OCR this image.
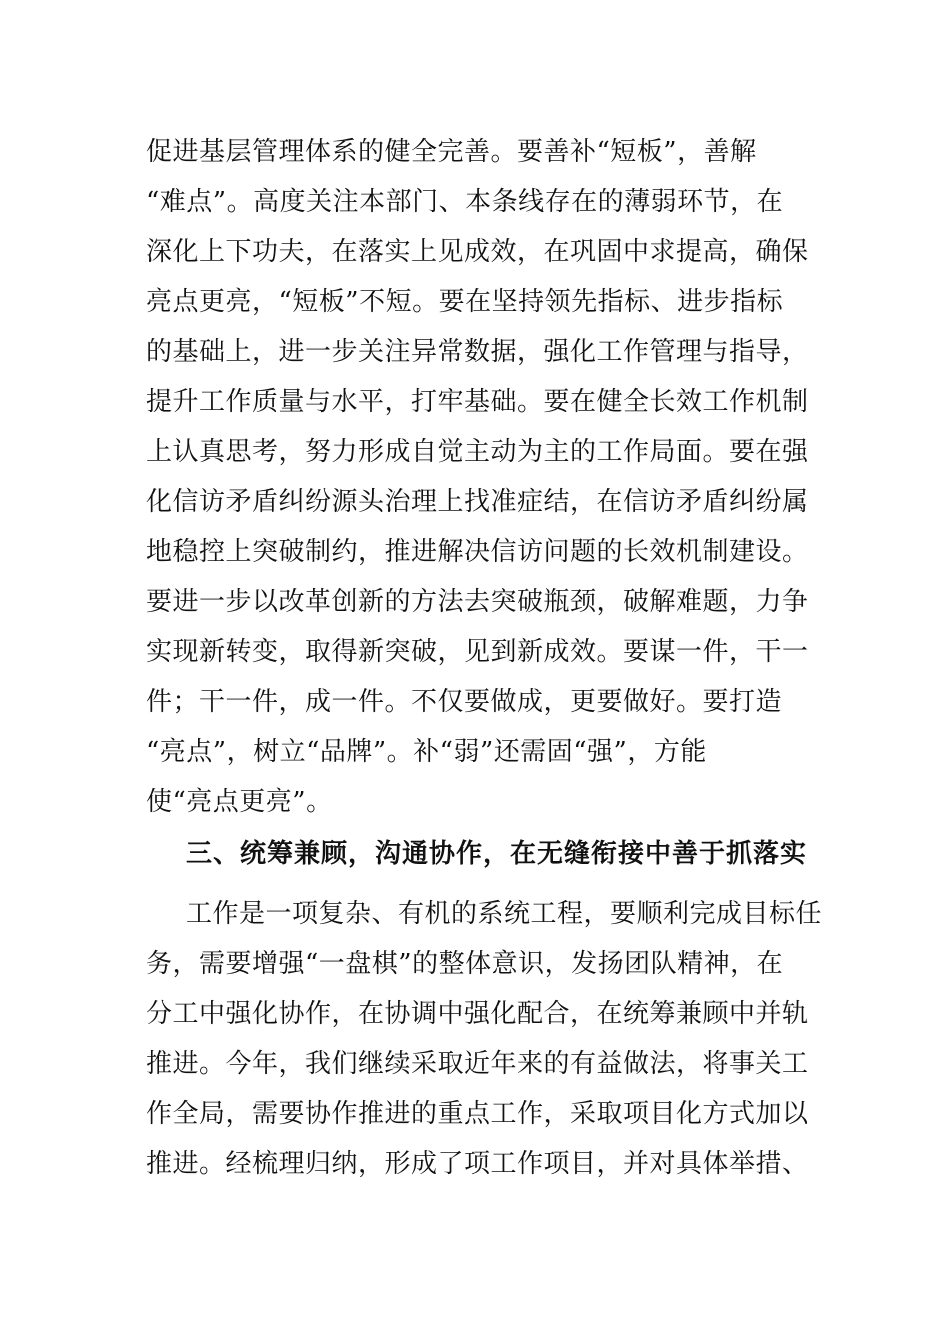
促进基层管理体系的健全完善。要善补“短板”，善解
“难点”。高度关注本部门、本条线存在的薄弱环节，在
深化上下功夫，在落实上见成效，在巩固中求提高，确保
亮点更亮，“短板”不短。要在坚持领先指标、进步指标
的基础上，进一步关注异常数据，强化工作管理与指导，
提升工作质量与水平，打牢基础。要在健全长效工作机制
上认真思考，努力形成自觉主动为主的工作局面。要在强
化信访矛盾纠纷源头治理上找准症结，在信访矛盾纠纷属
地稳控上突破制约，推进解决信访问题的长效机制建设。
要进一步以改革创新的方法去突破瓶颈，破解难题，力争
实现新转变，取得新突破，见到新成效。要谋一件，干一
件；干一件，成一件。不仅要做成，更要做好。要打造
“亮点”，树立“品牌”。补“弱”还需固“强”，方能
使“亮点更亮”。
三、统筹兼顾，沟通协作，在无缝衔接中善于抓落实
工作是一项复杂、有机的系统工程，要顺利完成目标任
务，需要增强“一盘棋”的整体意识，发扬团队精神，在
分工中强化协作，在协调中强化配合，在统筹兼顾中并轨
推进。今年，我们继续采取近年来的有益做法，将事关工
作全局，需要协作推进的重点工作，采取项目化方式加以
推进。经梳理归纳，形成了项工作项目，并对具体举措、
